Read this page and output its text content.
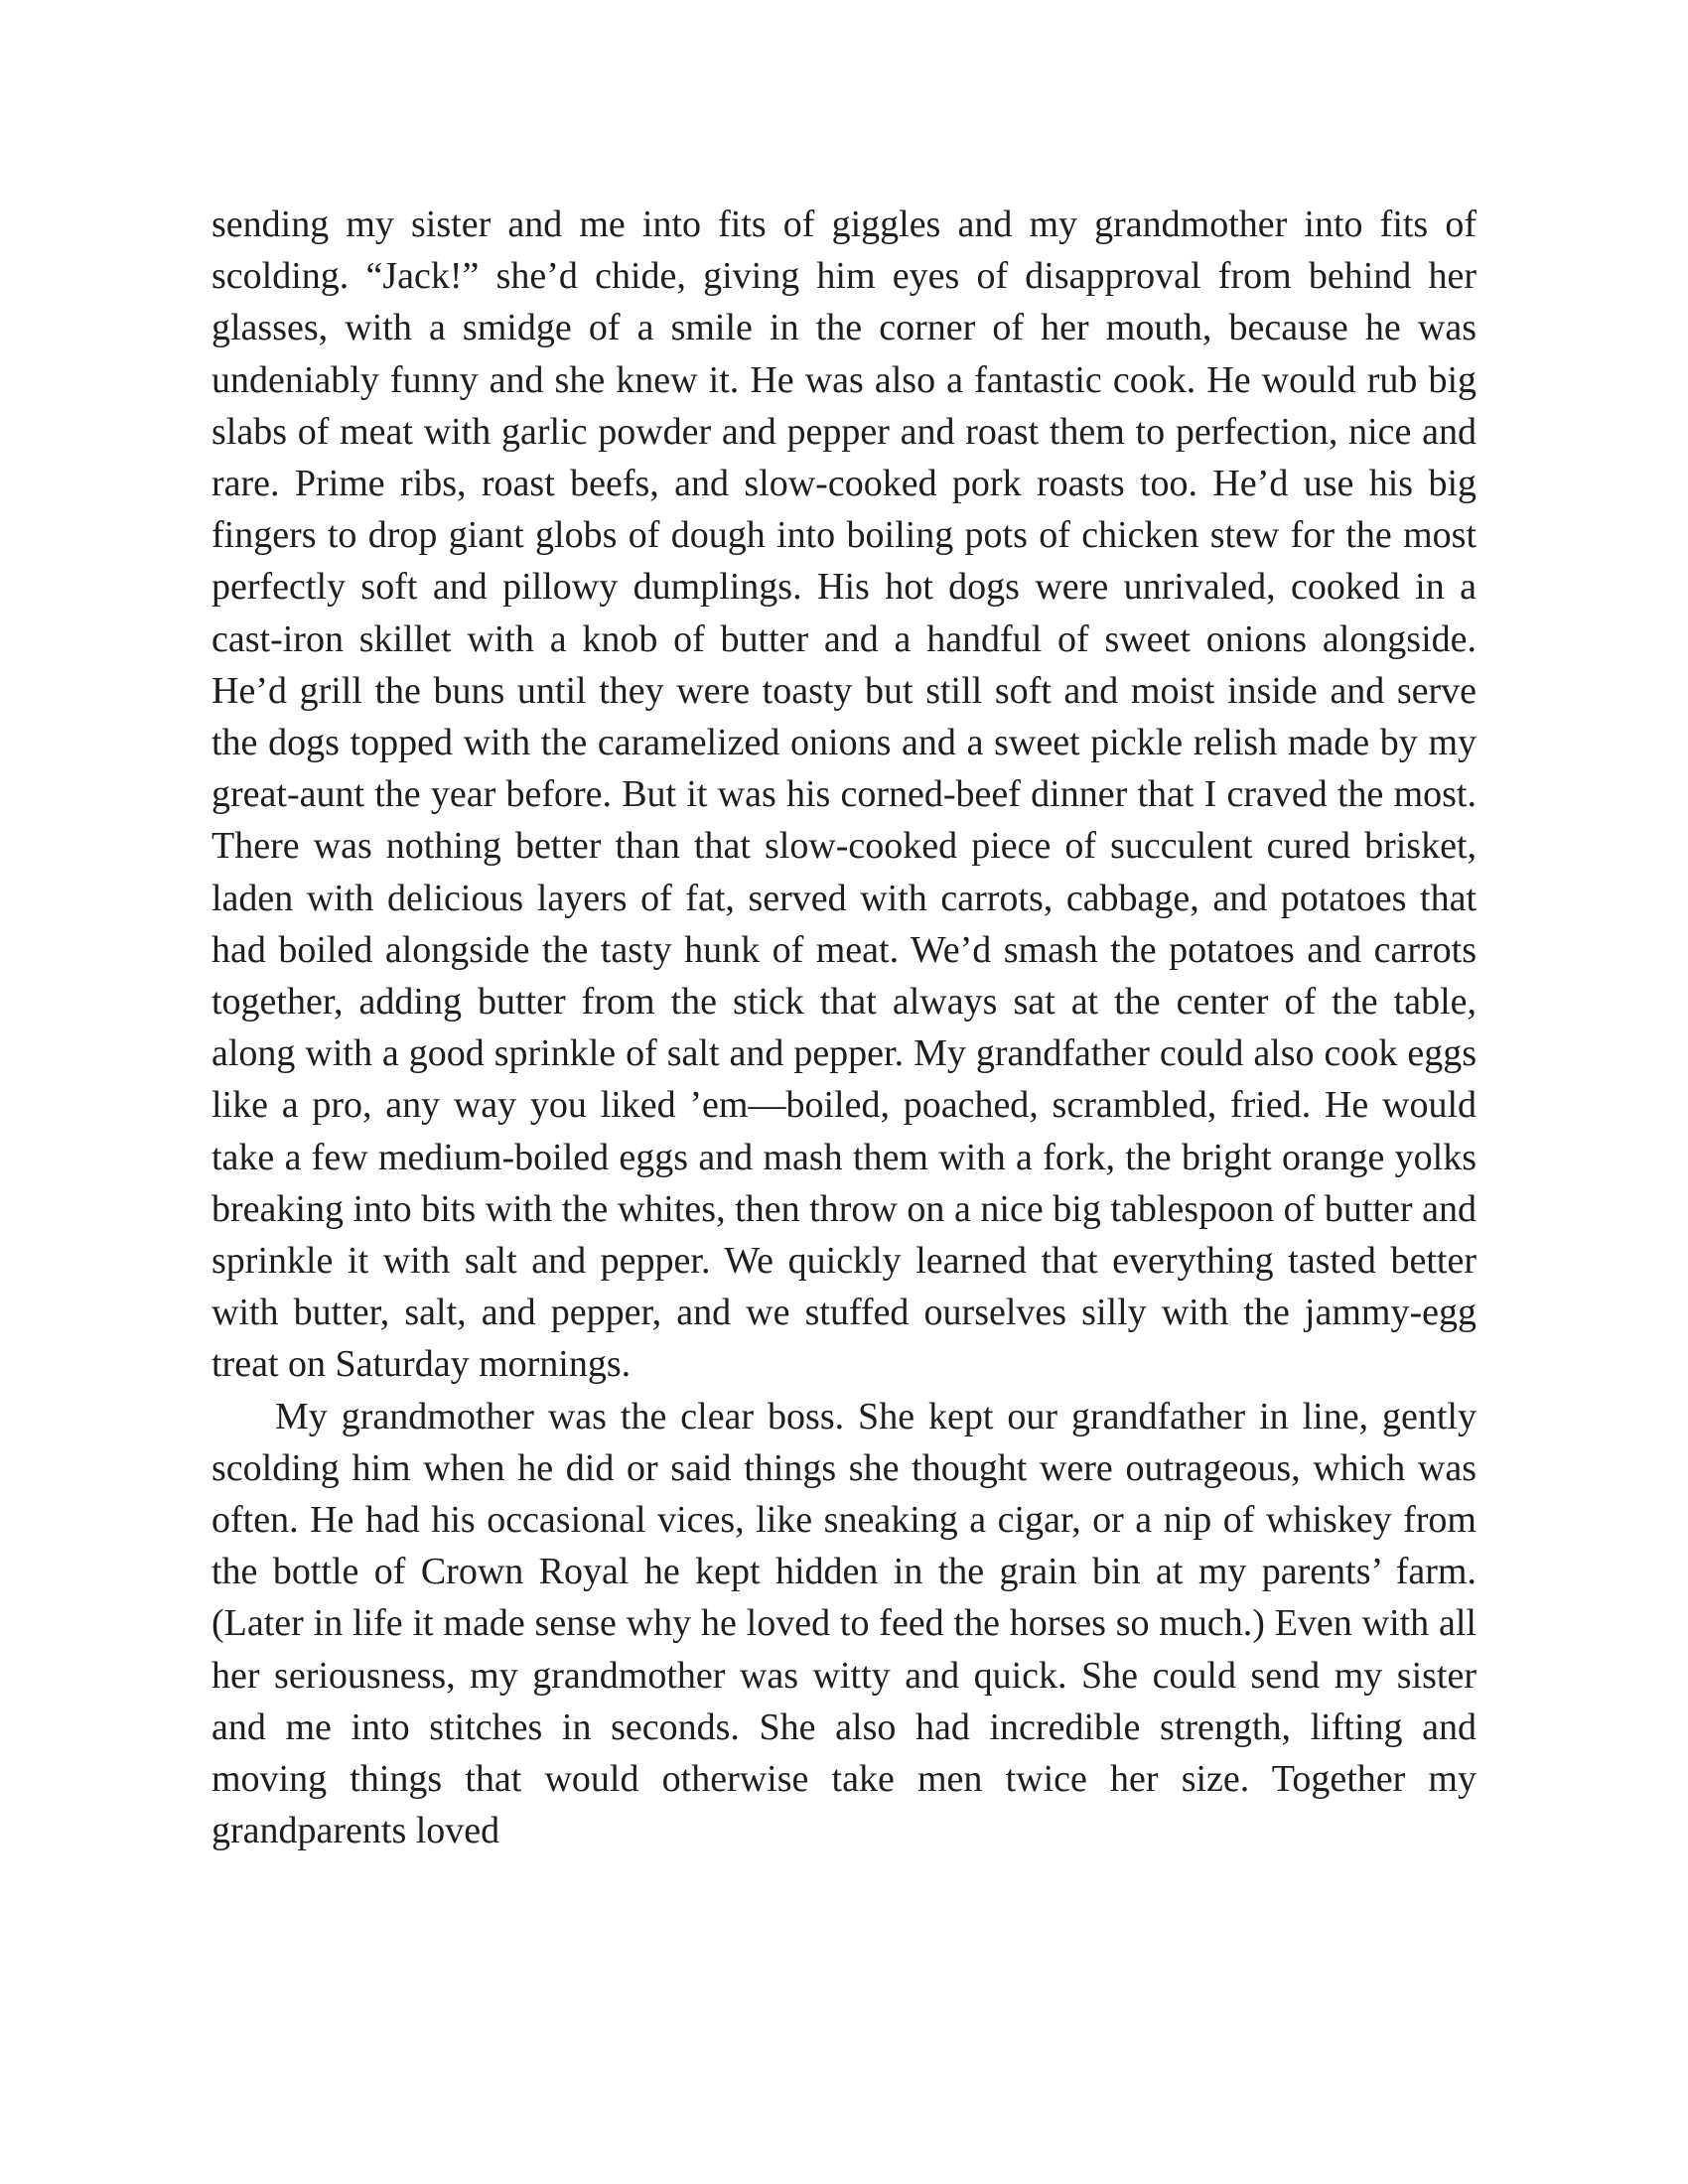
sending my sister and me into fits of giggles and my grandmother into fits of scolding. “Jack!” she’d chide, giving him eyes of disapproval from behind her glasses, with a smidge of a smile in the corner of her mouth, because he was undeniably funny and she knew it. He was also a fantastic cook. He would rub big slabs of meat with garlic powder and pepper and roast them to perfection, nice and rare. Prime ribs, roast beefs, and slow-cooked pork roasts too. He’d use his big fingers to drop giant globs of dough into boiling pots of chicken stew for the most perfectly soft and pillowy dumplings. His hot dogs were unrivaled, cooked in a cast-iron skillet with a knob of butter and a handful of sweet onions alongside. He’d grill the buns until they were toasty but still soft and moist inside and serve the dogs topped with the caramelized onions and a sweet pickle relish made by my great-aunt the year before. But it was his corned-beef dinner that I craved the most. There was nothing better than that slow-cooked piece of succulent cured brisket, laden with delicious layers of fat, served with carrots, cabbage, and potatoes that had boiled alongside the tasty hunk of meat. We’d smash the potatoes and carrots together, adding butter from the stick that always sat at the center of the table, along with a good sprinkle of salt and pepper. My grandfather could also cook eggs like a pro, any way you liked ’em—boiled, poached, scrambled, fried. He would take a few medium-boiled eggs and mash them with a fork, the bright orange yolks breaking into bits with the whites, then throw on a nice big tablespoon of butter and sprinkle it with salt and pepper. We quickly learned that everything tasted better with butter, salt, and pepper, and we stuffed ourselves silly with the jammy-egg treat on Saturday mornings.

My grandmother was the clear boss. She kept our grandfather in line, gently scolding him when he did or said things she thought were outrageous, which was often. He had his occasional vices, like sneaking a cigar, or a nip of whiskey from the bottle of Crown Royal he kept hidden in the grain bin at my parents’ farm. (Later in life it made sense why he loved to feed the horses so much.) Even with all her seriousness, my grandmother was witty and quick. She could send my sister and me into stitches in seconds. She also had incredible strength, lifting and moving things that would otherwise take men twice her size. Together my grandparents loved
